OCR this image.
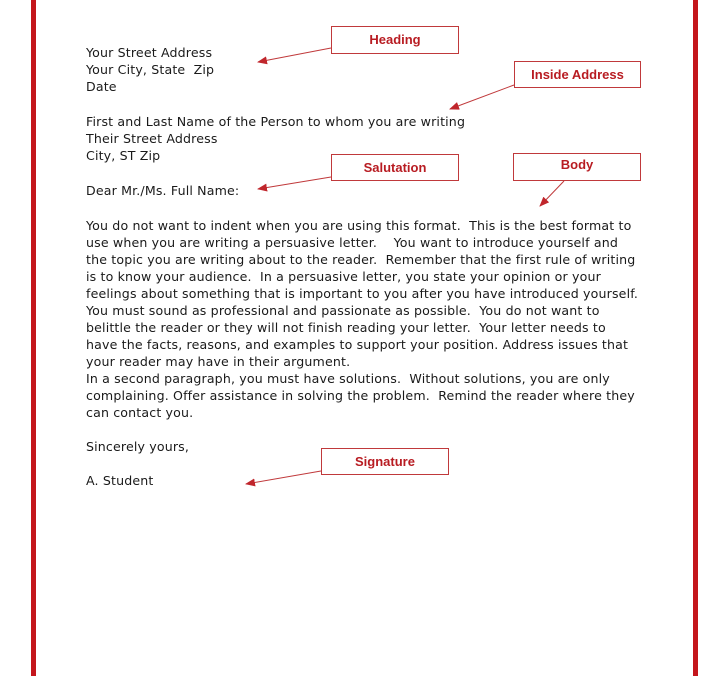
Your Street Address
Your City, State  Zip
Date
First and Last Name of the Person to whom you are writing
Their Street Address
City, ST Zip
Dear Mr./Ms. Full Name:
You do not want to indent when you are using this format.  This is the best format to
use when you are writing a persuasive letter.    You want to introduce yourself and
the topic you are writing about to the reader.  Remember that the first rule of writing
is to know your audience.  In a persuasive letter, you state your opinion or your
feelings about something that is important to you after you have introduced yourself.
You must sound as professional and passionate as possible.  You do not want to
belittle the reader or they will not finish reading your letter.  Your letter needs to
have the facts, reasons, and examples to support your position. Address issues that
your reader may have in their argument.
In a second paragraph, you must have solutions.  Without solutions, you are only
complaining. Offer assistance in solving the problem.  Remind the reader where they
can contact you.
Sincerely yours,
A. Student
Heading
Inside Address
Salutation	Body
Signature
